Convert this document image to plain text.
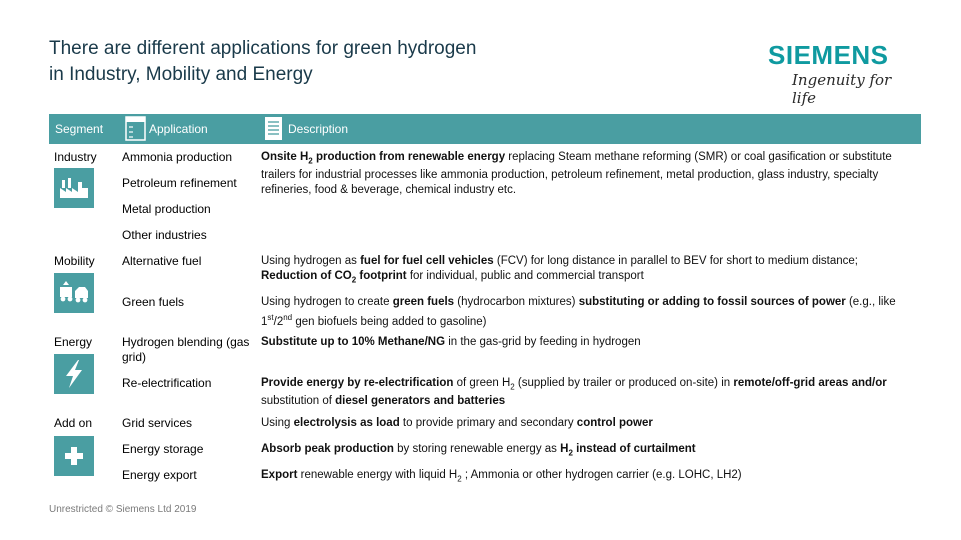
There are different applications for green hydrogen
in Industry, Mobility and Energy
SIEMENS
Ingenuity for life
Segment	Application	Description
Industry Ammonia production
Petroleum refinement
Metal production
Other industries
Onsite $H_2$ production from renewable energy replacing Steam methane reforming (SMR) or coal gasification or substitute trailers for industrial processes like ammonia production, petroleum refinement, metal production, glass industry, specialty refineries, food & beverage, chemical industry etc.
Mobility Alternative fuel
Green fuels
Using hydrogen as fuel for fuel cell vehicles (FCV) for long distance in parallel to BEV for short to medium distance;
Reduction of $CO_2$ footprint for individual, public and commercial transport
Using hydrogen to create green fuels (hydrocarbon mixtures) substituting or adding to fossil sources of power (e.g., like 1st/2nd gen biofuels being added to gasoline)
Energy Hydrogen blending (gas grid)
Re-electrification
Substitute up to 10% Methane/NG in the gas-grid by feeding in hydrogen
Provide energy by re-electrification of green $H_2$ (supplied by trailer or produced on-site) in remote/off-grid areas and/or
substitution of diesel generators and batteries
Add on Grid services
Energy storage
Energy export
Using electrolysis as load to provide primary and secondary control power
Absorb peak production by storing renewable energy as $H_2$ instead of curtailment
Export renewable energy with liquid $H_2$ ; Ammonia or other hydrogen carrier (e.g. LOHC, LH2)
Unrestricted © Siemens Ltd 2019
